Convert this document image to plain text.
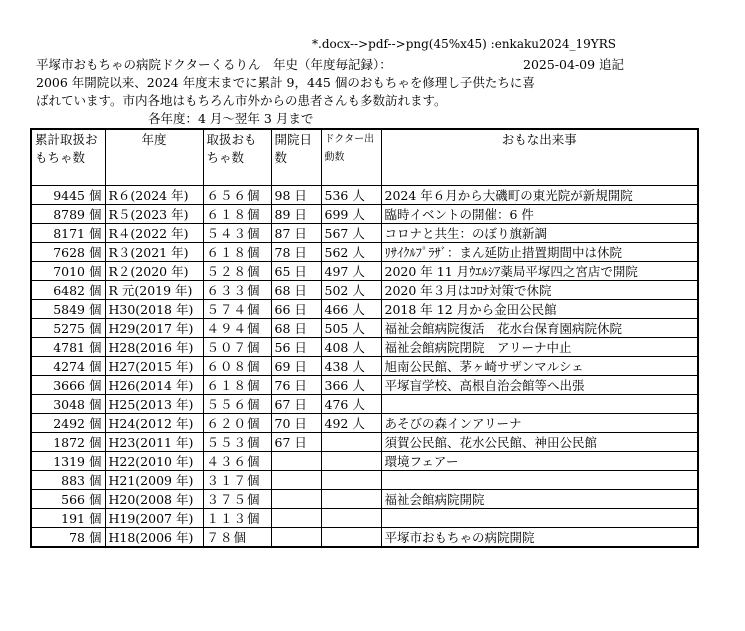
*.docx-->pdf-->png(45%x45) :enkaku2024_19YRS
平塚市おもちゃの病院ドクターくるりん　年史（年度毎記録）：	2025-04-09 追記
2006 年開院以来、2024 年度末までに累計 9，445 個のおもちゃを修理し子供たちに喜
ばれています。市内各地はもちろん市外からの患者さんも多数訪れます。
各年度：4 月～翌年 3 月まで
累計取扱おもちゃ数	年度	取扱おもちゃ数	開院日数	ドクター出動数	おもな出来事
9445 個	R６(2024 年)	６５６個	98 日	536 人	2024 年６月から大磯町の東光院が新規開院
8789 個	R５(2023 年)	６１８個	89 日	699 人	臨時イベントの開催：6 件
8171 個	R４(2022 年)	５４３個	87 日	567 人	コロナと共生：のぼり旗新調
7628 個	R３(2021 年)	６１８個	78 日	562 人	ﾘｻｲｸﾙﾌﾟﾗｻﾞ：まん延防止措置期間中は休院
7010 個	R２(2020 年)	５２８個	65 日	497 人	2020 年 11 月ｳｴﾙｼｱ薬局平塚四之宮店で開院
6482 個	R 元(2019 年)	６３３個	68 日	502 人	2020 年３月はｺﾛﾅ対策で休院
5849 個	H30(2018 年)	５７４個	66 日	466 人	2018 年 12 月から金田公民館
5275 個	H29(2017 年)	４９４個	68 日	505 人	福祉会館病院復活　花水台保育園病院休院
4781 個	H28(2016 年)	５０７個	56 日	408 人	福祉会館病院閉院　アリーナ中止
4274 個	H27(2015 年)	６０８個	69 日	438 人	旭南公民館、茅ヶ崎サザンマルシェ
3666 個	H26(2014 年)	６１８個	76 日	366 人	平塚盲学校、高根自治会館等へ出張
3048 個	H25(2013 年)	５５６個	67 日	476 人	
2492 個	H24(2012 年)	６２０個	70 日	492 人	あそびの森インアリーナ
1872 個	H23(2011 年)	５５３個	67 日		須賀公民館、花水公民館、神田公民館
1319 個	H22(2010 年)	４３６個			環境フェアー
883 個	H21(2009 年)	３１７個			
566 個	H20(2008 年)	３７５個			福祉会館病院開院
191 個	H19(2007 年)	１１３個			
78 個	H18(2006 年)	７８個			平塚市おもちゃの病院開院
